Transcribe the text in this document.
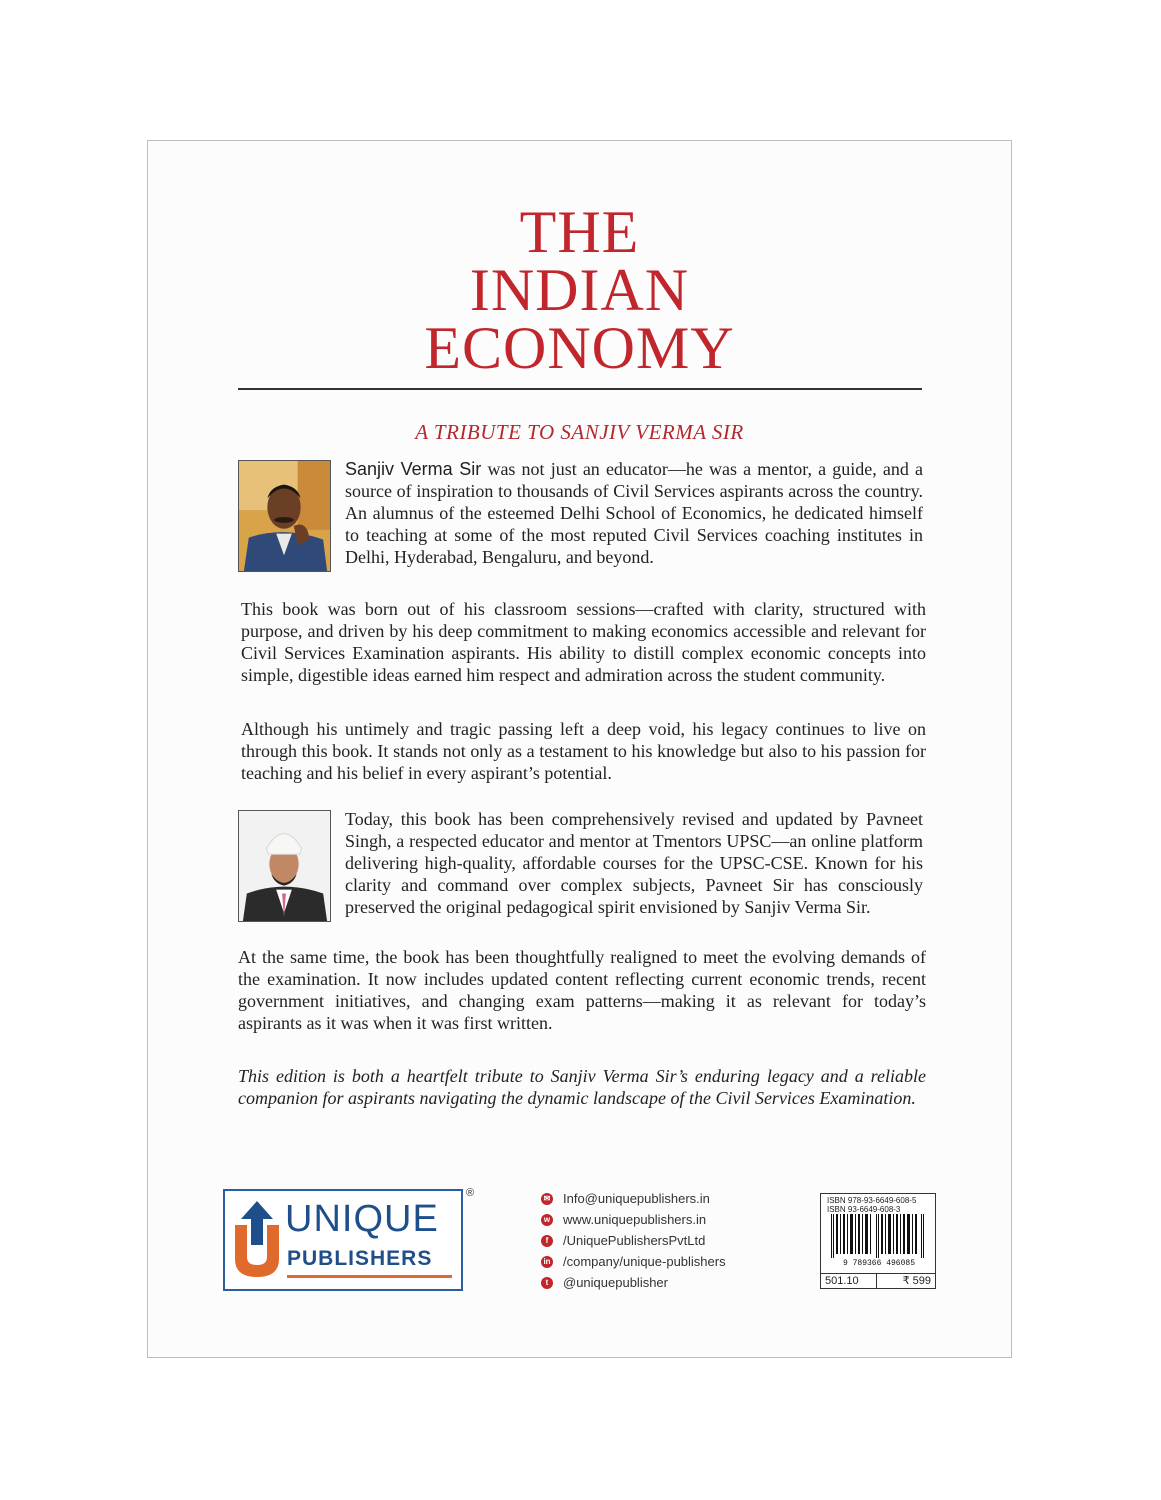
THE
INDIAN
ECONOMY
A TRIBUTE TO SANJIV VERMA SIR
Sanjiv Verma Sir was not just an educator—he was a mentor, a guide, and a source of inspiration to thousands of Civil Services aspirants across the country. An alumnus of the esteemed Delhi School of Economics, he dedicated himself to teaching at some of the most reputed Civil Services coaching institutes in Delhi, Hyderabad, Bengaluru, and beyond.
This book was born out of his classroom sessions—crafted with clarity, structured with purpose, and driven by his deep commitment to making economics accessible and relevant for Civil Services Examination aspirants. His ability to distill complex economic concepts into simple, digestible ideas earned him respect and admiration across the student community.
Although his untimely and tragic passing left a deep void, his legacy continues to live on through this book. It stands not only as a testament to his knowledge but also to his passion for teaching and his belief in every aspirant’s potential.
Today, this book has been comprehensively revised and updated by Pavneet Singh, a respected educator and mentor at Tmentors UPSC—an online platform delivering high-quality, affordable courses for the UPSC-CSE. Known for his clarity and command over complex subjects, Pavneet Sir has consciously preserved the original pedagogical spirit envisioned by Sanjiv Verma Sir.
At the same time, the book has been thoughtfully realigned to meet the evolving demands of the examination. It now includes updated content reflecting current economic trends, recent government initiatives, and changing exam patterns—making it as relevant for today’s aspirants as it was when it was first written.
This edition is both a heartfelt tribute to Sanjiv Verma Sir’s enduring legacy and a reliable companion for aspirants navigating the dynamic landscape of the Civil Services Examination.
UNIQUE
PUBLISHERS
®	✉ Info@uniquepublishers.in
w www.uniquepublishers.in
f	/UniquePublishersPvtLtd
in /company/unique-publishers
t	@uniquepublisher
ISBN 978-93-6649-608-5
ISBN 93-6649-608-3
9 789366 496085
501.10	₹ 599
